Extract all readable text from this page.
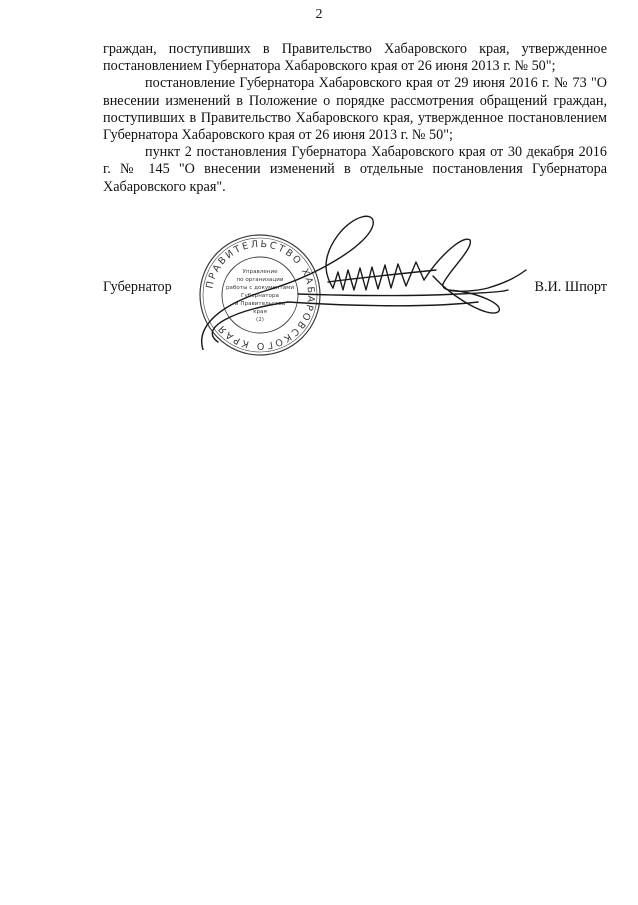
2

граждан, поступивших в Правительство Хабаровского края, утвержденное постановлением Губернатора Хабаровского края от 26 июня 2013 г. № 50";

постановление Губернатора Хабаровского края от 29 июня 2016 г. № 73 "О внесении изменений в Положение о порядке рассмотрения обращений граждан, поступивших в Правительство Хабаровского края, утвержденное постановлением Губернатора Хабаровского края от 26 июня 2013 г. № 50";

пункт 2 постановления Губернатора Хабаровского края от 30 декабря 2016 г. № 145 "О внесении изменений в отдельные постановления Губернатора Хабаровского края".

Губернатор	В.И. Шпорт
ПРАВИТЕЛЬСТВО ХАБАРОВСКОГО КРАЯ
Управление
по организации
работы с документами
Губернатора
и Правительства
края
(2)
